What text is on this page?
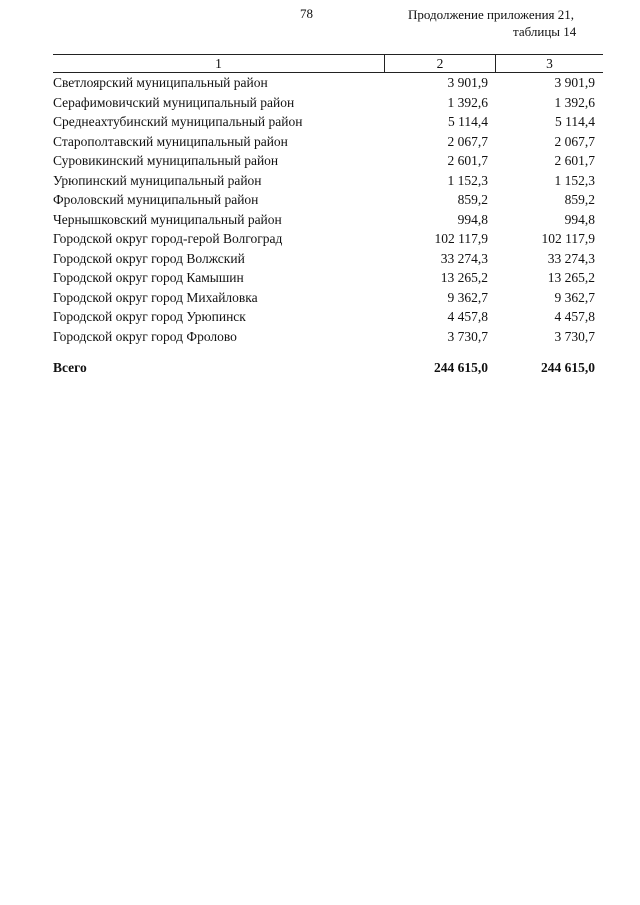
78	Продолжение приложения 21,
таблицы 14
1	2	3
Светлоярский муниципальный район	3 901,9	3 901,9
Серафимовичский муниципальный район	1 392,6	1 392,6
Среднеахтубинский муниципальный район	5 114,4	5 114,4
Старополтавский муниципальный район	2 067,7	2 067,7
Суровикинский муниципальный район	2 601,7	2 601,7
Урюпинский муниципальный район	1 152,3	1 152,3
Фроловский муниципальный район	859,2	859,2
Чернышковский муниципальный район	994,8	994,8
Городской округ город-герой Волгоград	102 117,9	102 117,9
Городской округ город Волжский	33 274,3	33 274,3
Городской округ город Камышин	13 265,2	13 265,2
Городской округ город Михайловка	9 362,7	9 362,7
Городской округ город Урюпинск	4 457,8	4 457,8
Городской округ город Фролово	3 730,7	3 730,7
Всего	244 615,0	244 615,0
